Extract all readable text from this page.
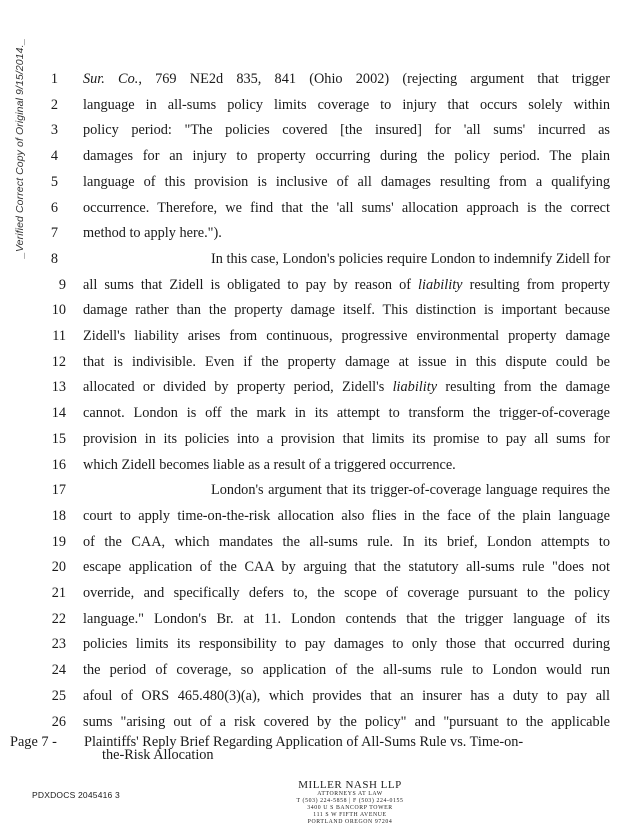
_Verified Correct Copy of Original 9/15/2014._	1 Sur. Co., 769 NE2d 835, 841 (Ohio 2002) (rejecting argument that trigger
2 language in all-sums policy limits coverage to injury that occurs solely within
3 policy period: "The policies covered [the insured] for 'all sums' incurred as
4 damages for an injury to property occurring during the policy period. The plain
5 language of this provision is inclusive of all damages resulting from a qualifying
6 occurrence. Therefore, we find that the 'all sums' allocation approach is the correct
7 method to apply here.").
8	In this case, London's policies require London to indemnify Zidell for
9 all sums that Zidell is obligated to pay by reason of liability resulting from property
10 damage rather than the property damage itself. This distinction is important because
11 Zidell's liability arises from continuous, progressive environmental property damage
12 that is indivisible. Even if the property damage at issue in this dispute could be
13 allocated or divided by property period, Zidell's liability resulting from the damage
14 cannot. London is off the mark in its attempt to transform the trigger-of-coverage
15 provision in its policies into a provision that limits its promise to pay all sums for
16 which Zidell becomes liable as a result of a triggered occurrence.
17	London's argument that its trigger-of-coverage language requires the
18 court to apply time-on-the-risk allocation also flies in the face of the plain language
19 of the CAA, which mandates the all-sums rule. In its brief, London attempts to
20 escape application of the CAA by arguing that the statutory all-sums rule "does not
21 override, and specifically defers to, the scope of coverage pursuant to the policy
22 language." London's Br. at 11. London contends that the trigger language of its
23 policies limits its responsibility to pay damages to only those that occurred during
24 the period of coverage, so application of the all-sums rule to London would run
25 afoul of ORS 465.480(3)(a), which provides that an insurer has a duty to pay all
26 sums "arising out of a risk covered by the policy" and "pursuant to the applicable
Page 7 - Plaintiffs' Reply Brief Regarding Application of All-Sums Rule vs. Time-on-
the-Risk Allocation
PDXDOCS 2045416 3
MILLER NASH LLP
ATTORNEYS AT LAW
T (503) 224-5858 | F (503) 224-0155
3400 U S BANCORP TOWER
111 S W FIFTH AVENUE
PORTLAND OREGON 97204
